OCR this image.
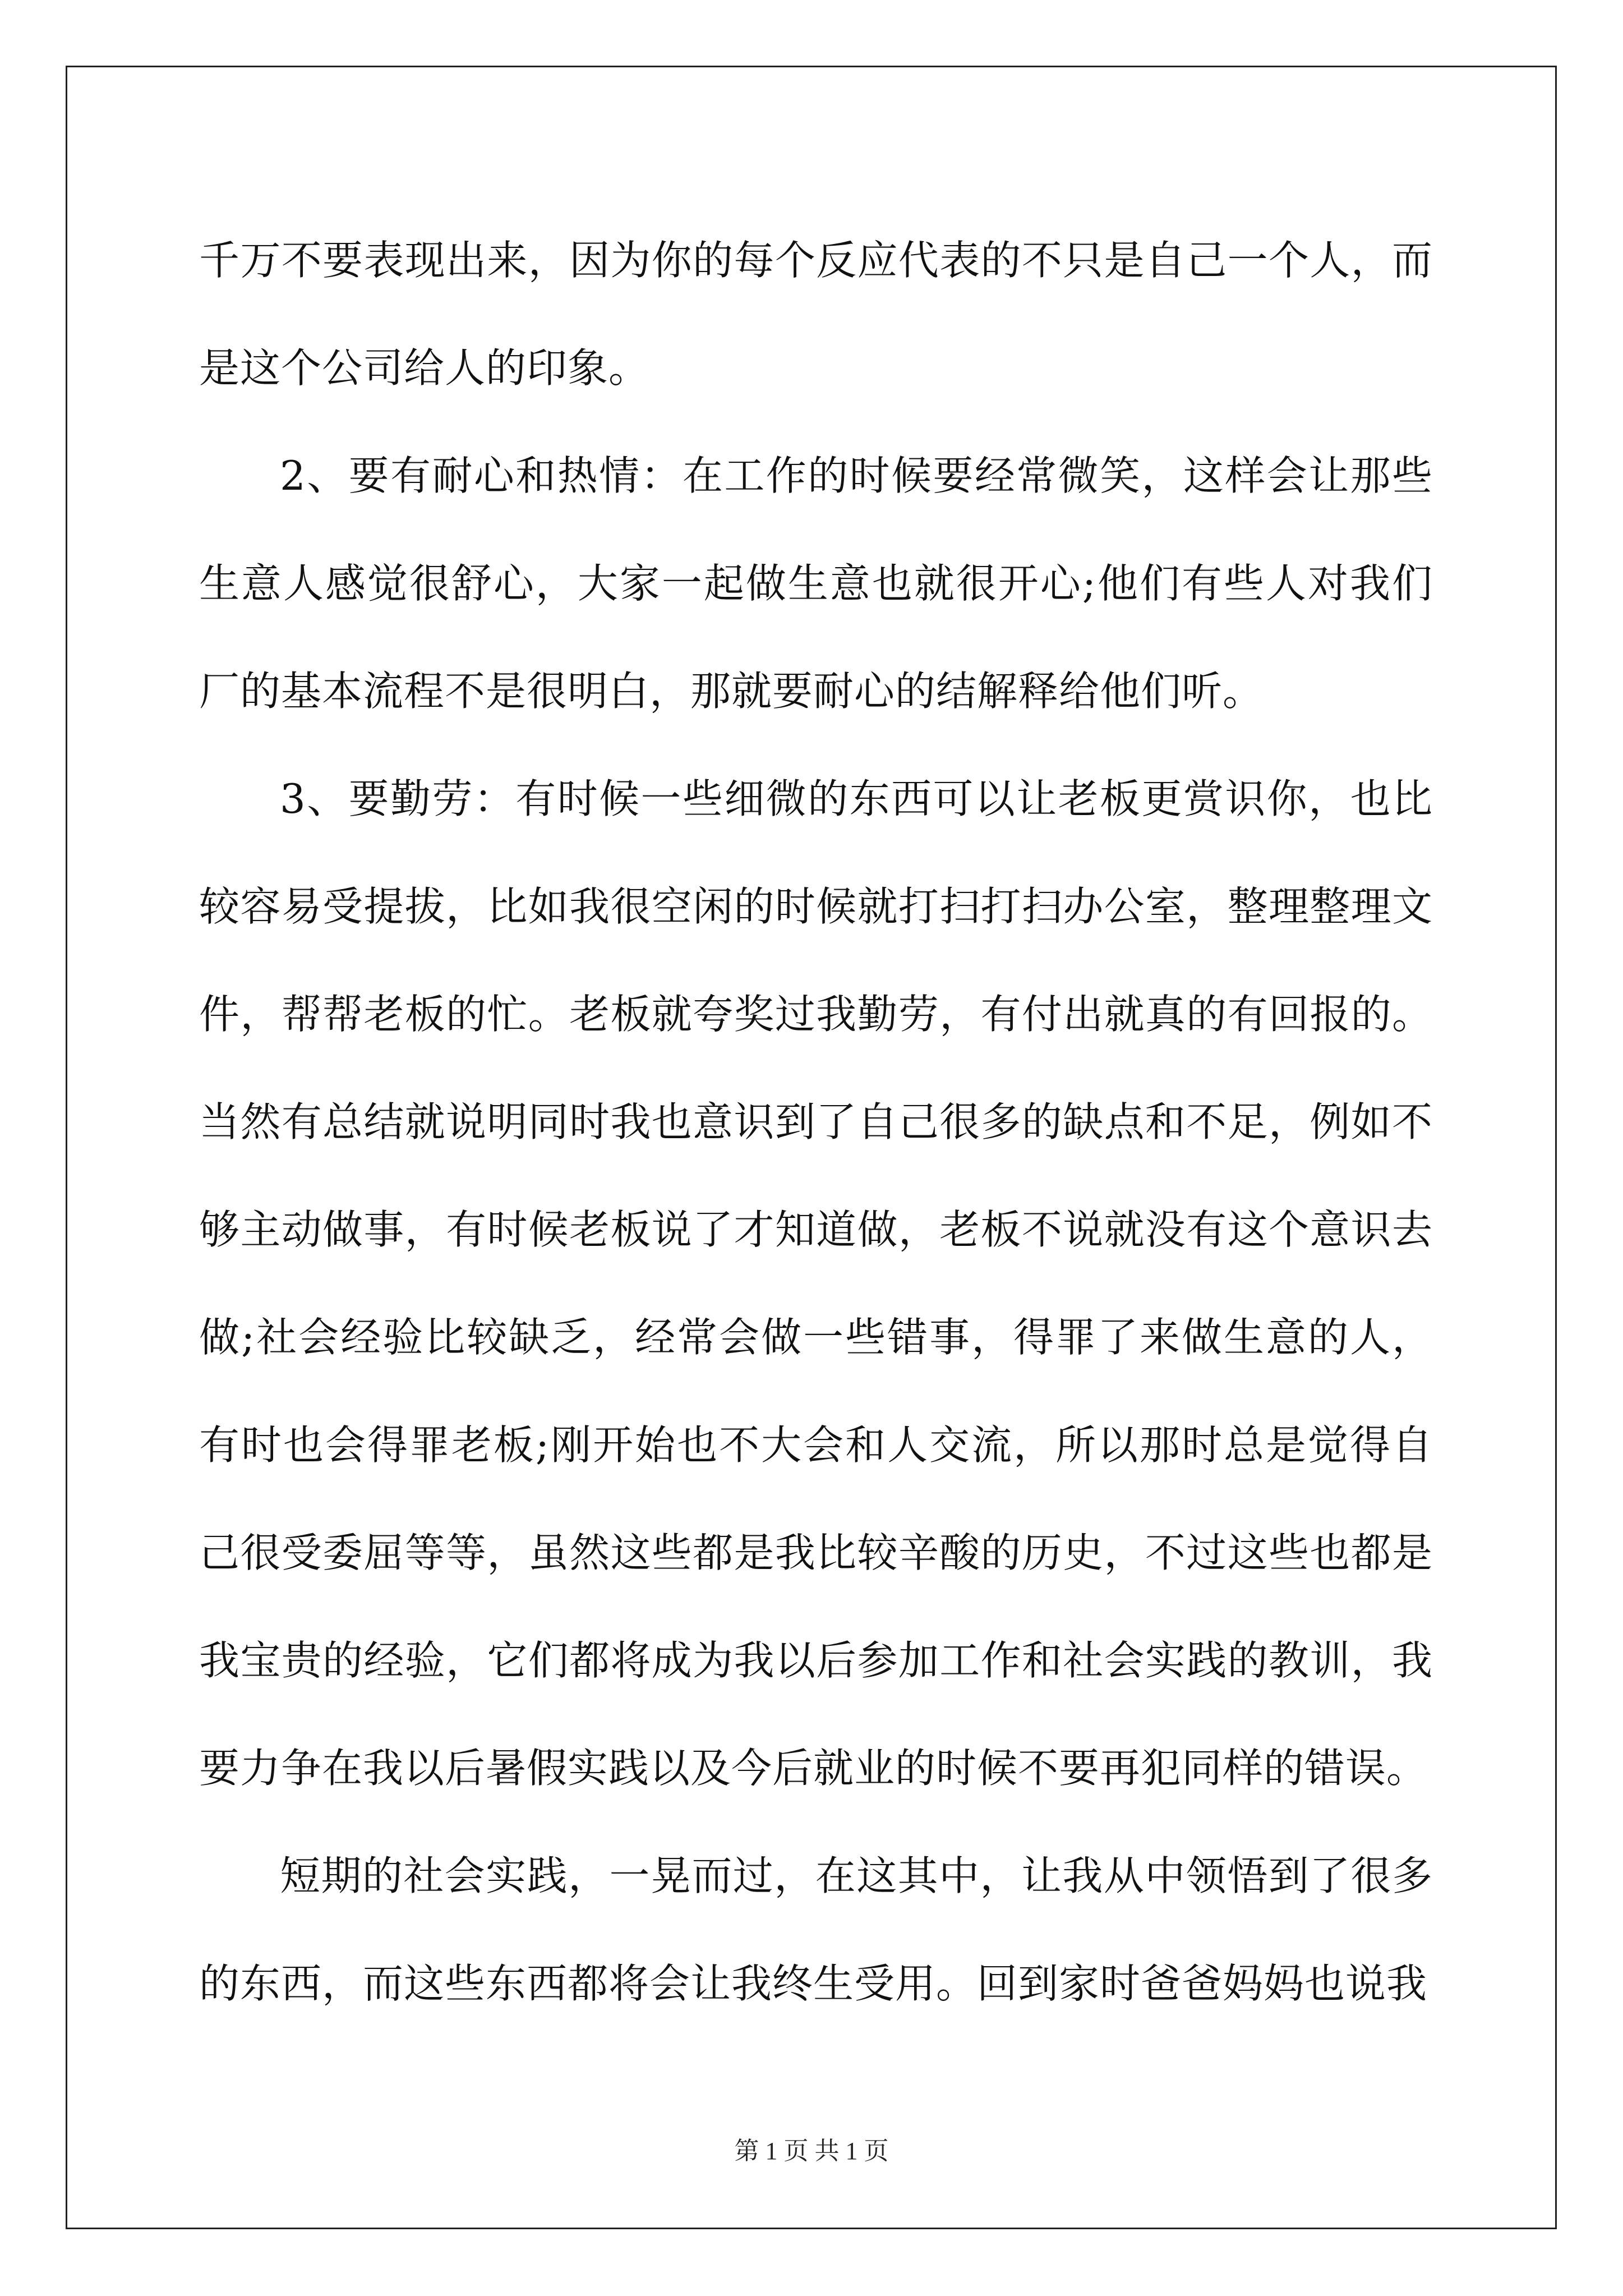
千万不要表现出来，因为你的每个反应代表的不只是自己一个人，而是这个公司给人的印象。

2、要有耐心和热情：在工作的时候要经常微笑，这样会让那些生意人感觉很舒心，大家一起做生意也就很开心;他们有些人对我们厂的基本流程不是很明白，那就要耐心的结解释给他们听。

3、要勤劳：有时候一些细微的东西可以让老板更赏识你，也比较容易受提拔，比如我很空闲的时候就打扫打扫办公室，整理整理文件，帮帮老板的忙。老板就夸奖过我勤劳，有付出就真的有回报的。当然有总结就说明同时我也意识到了自己很多的缺点和不足，例如不够主动做事，有时候老板说了才知道做，老板不说就没有这个意识去做;社会经验比较缺乏，经常会做一些错事，得罪了来做生意的人，有时也会得罪老板;刚开始也不大会和人交流，所以那时总是觉得自己很受委屈等等，虽然这些都是我比较辛酸的历史，不过这些也都是我宝贵的经验，它们都将成为我以后参加工作和社会实践的教训，我要力争在我以后暑假实践以及今后就业的时候不要再犯同样的错误。

短期的社会实践，一晃而过，在这其中，让我从中领悟到了很多的东西，而这些东西都将会让我终生受用。回到家时爸爸妈妈也说我

第 1 页 共 1 页
